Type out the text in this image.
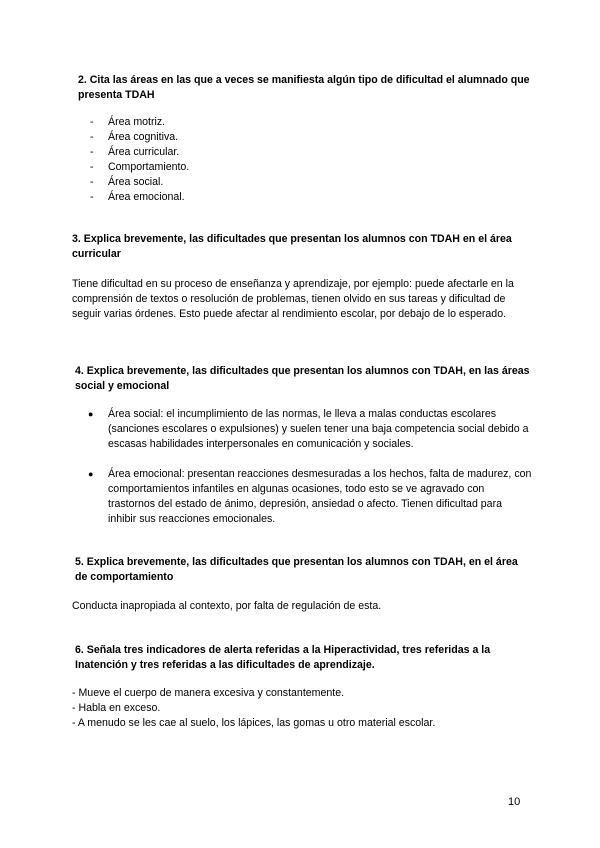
2. Cita las áreas en las que a veces se manifiesta algún tipo de dificultad el alumnado que presenta TDAH
- Área motriz.
- Área cognitiva.
- Área curricular.
- Comportamiento.
- Área social.
- Área emocional.
3. Explica brevemente, las dificultades que presentan los alumnos con TDAH en el área curricular
Tiene dificultad en su proceso de enseñanza y aprendizaje, por ejemplo: puede afectarle en la comprensión de textos o resolución de problemas, tienen olvido en sus tareas y dificultad de seguir varias órdenes. Esto puede afectar al rendimiento escolar, por debajo de lo esperado.
4. Explica brevemente, las dificultades que presentan los alumnos con TDAH, en las áreas social y emocional
● Área social: el incumplimiento de las normas, le lleva a malas conductas escolares (sanciones escolares o expulsiones) y suelen tener una baja competencia social debido a escasas habilidades interpersonales en comunicación y sociales.
● Área emocional: presentan reacciones desmesuradas a los hechos, falta de madurez, con comportamientos infantiles en algunas ocasiones, todo esto se ve agravado con trastornos del estado de ánimo, depresión, ansiedad o afecto. Tienen dificultad para inhibir sus reacciones emocionales.
5. Explica brevemente, las dificultades que presentan los alumnos con TDAH, en el área de comportamiento
Conducta inapropiada al contexto, por falta de regulación de esta.
6. Señala tres indicadores de alerta referidas a la Hiperactividad, tres referidas a la Inatención y tres referidas a las dificultades de aprendizaje.
- Mueve el cuerpo de manera excesiva y constantemente.
- Habla en exceso.
- A menudo se les cae al suelo, los lápices, las gomas u otro material escolar.
10
